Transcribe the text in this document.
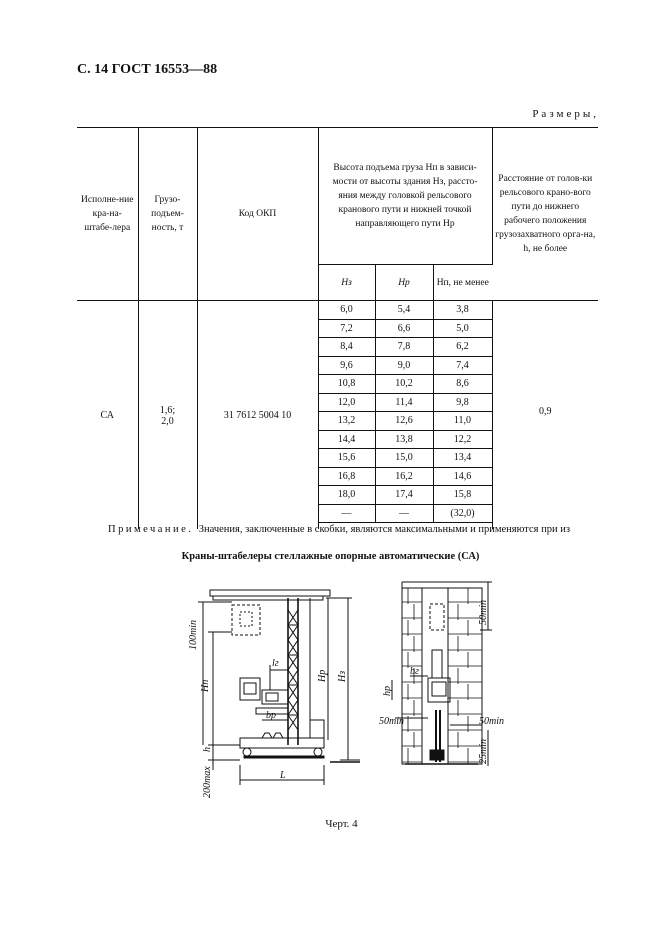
С. 14 ГОСТ 16553—88
Размеры,
Исполне-ние кра-на-штабе-лера	Грузо-подъем-ность, т	Код ОКП	Высота подъема груза Hп в зависи-мости от высоты здания Hз, рассто-яния между головкой рельсового кранового пути и нижней точкой направляющего пути Hр			Расстояние от голов-ки рельсового крано-вого пути до нижнего рабочего положения грузозахватного орга-на, h, не более

			Hз	Hр	Hп, не менее	

СА	1,6;
2,0	31 7612 5004 10	6,0	5,4	3,8	0,9
			7,2	6,6	5,0	
			8,4	7,8	6,2	
			9,6	9,0	7,4	
			10,8	10,2	8,6	
			12,0	11,4	9,8	
			13,2	12,6	11,0	
			14,4	13,8	12,2	
			15,6	15,0	13,4	
			16,8	16,2	14,6	
			18,0	17,4	15,8	
			—	—	(32,0)	

Примечание. Значения, заключенные в скобки, являются максимальными и применяются при из
Краны-штабелеры стеллажные опорные автоматические (СА)
100min
Hп
Hр Hз
h
200max	L
lг
bр
50min
bг
hр
50min	50min
25min
Черт. 4
